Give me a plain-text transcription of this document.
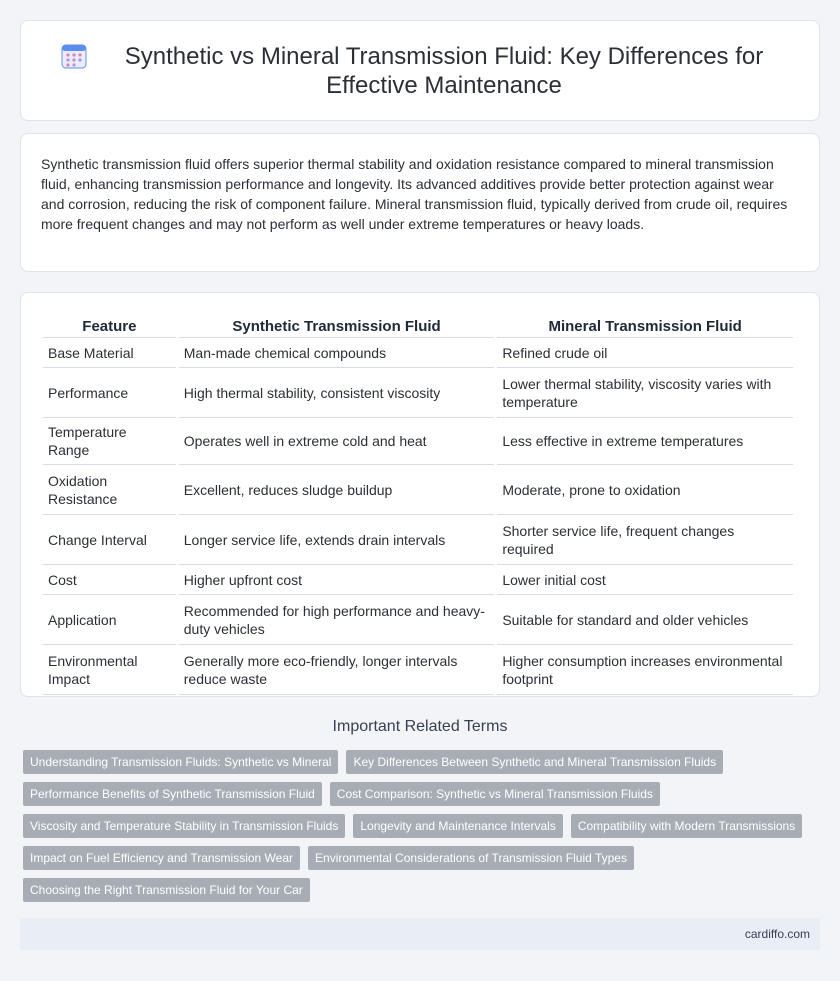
Synthetic vs Mineral Transmission Fluid: Key Differences for Effective Maintenance

Synthetic transmission fluid offers superior thermal stability and oxidation resistance compared to mineral transmission fluid, enhancing transmission performance and longevity. Its advanced additives provide better protection against wear and corrosion, reducing the risk of component failure. Mineral transmission fluid, typically derived from crude oil, requires more frequent changes and may not perform as well under extreme temperatures or heavy loads.

Feature	Synthetic Transmission Fluid	Mineral Transmission Fluid
Base Material	Man-made chemical compounds	Refined crude oil
Performance	High thermal stability, consistent viscosity	Lower thermal stability, viscosity varies with temperature
Temperature Range	Operates well in extreme cold and heat	Less effective in extreme temperatures
Oxidation Resistance	Excellent, reduces sludge buildup	Moderate, prone to oxidation
Change Interval	Longer service life, extends drain intervals	Shorter service life, frequent changes required
Cost	Higher upfront cost	Lower initial cost
Application	Recommended for high performance and heavy-duty vehicles	Suitable for standard and older vehicles
Environmental Impact	Generally more eco-friendly, longer intervals reduce waste	Higher consumption increases environmental footprint
Important Related Terms
Understanding Transmission Fluids: Synthetic vs Mineral	Key Differences Between Synthetic and Mineral Transmission Fluids
Performance Benefits of Synthetic Transmission Fluid	Cost Comparison: Synthetic vs Mineral Transmission Fluids
Viscosity and Temperature Stability in Transmission Fluids	Longevity and Maintenance Intervals	Compatibility with Modern Transmissions
Impact on Fuel Efficiency and Transmission Wear	Environmental Considerations of Transmission Fluid Types
Choosing the Right Transmission Fluid for Your Car
cardiffo.com
